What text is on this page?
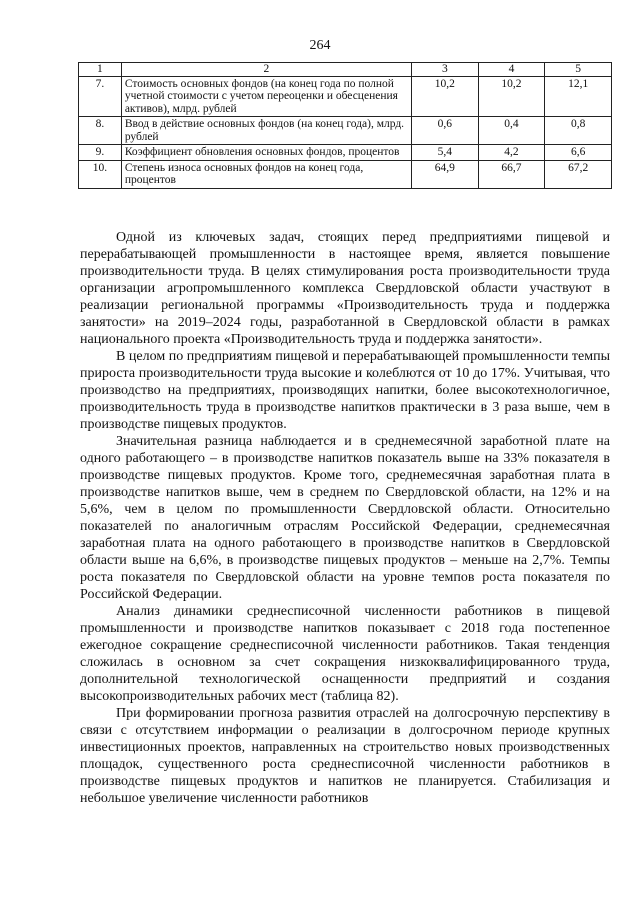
264
1	2	3	4	5
7.	Стоимость основных фондов (на конец года по полной учетной стоимости с учетом переоценки и обесценения активов), млрд. рублей	10,2	10,2	12,1
8.	Ввод в действие основных фондов (на конец года), млрд. рублей	0,6	0,4	0,8
9.	Коэффициент обновления основных фондов, процентов	5,4	4,2	6,6
10.	Степень износа основных фондов на конец года, процентов	64,9	66,7	67,2

Одной из ключевых задач, стоящих перед предприятиями пищевой и перерабатывающей промышленности в настоящее время, является повышение производительности труда. В целях стимулирования роста производительности труда организации агропромышленного комплекса Свердловской области участвуют в реализации региональной программы «Производительность труда и поддержка занятости» на 2019–2024 годы, разработанной в Свердловской области в рамках национального проекта «Производительность труда и поддержка занятости».

В целом по предприятиям пищевой и перерабатывающей промышленности темпы прироста производительности труда высокие и колеблются от 10 до 17%. Учитывая, что производство на предприятиях, производящих напитки, более высокотехнологичное, производительность труда в производстве напитков практически в 3 раза выше, чем в производстве пищевых продуктов.

Значительная разница наблюдается и в среднемесячной заработной плате на одного работающего – в производстве напитков показатель выше на 33% показателя в производстве пищевых продуктов. Кроме того, среднемесячная заработная плата в производстве напитков выше, чем в среднем по Свердловской области, на 12% и на 5,6%, чем в целом по промышленности Свердловской области. Относительно показателей по аналогичным отраслям Российской Федерации, среднемесячная заработная плата на одного работающего в производстве напитков в Свердловской области выше на 6,6%, в производстве пищевых продуктов – меньше на 2,7%. Темпы роста показателя по Свердловской области на уровне темпов роста показателя по Российской Федерации.

Анализ динамики среднесписочной численности работников в пищевой промышленности и производстве напитков показывает с 2018 года постепенное ежегодное сокращение среднесписочной численности работников. Такая тенденция сложилась в основном за счет сокращения низкоквалифицированного труда, дополнительной технологической оснащенности предприятий и создания высокопроизводительных рабочих мест (таблица 82).

При формировании прогноза развития отраслей на долгосрочную перспективу в связи с отсутствием информации о реализации в долгосрочном периоде крупных инвестиционных проектов, направленных на строительство новых производственных площадок, существенного роста среднесписочной численности работников в производстве пищевых продуктов и напитков не планируется. Стабилизация и небольшое увеличение численности работников
